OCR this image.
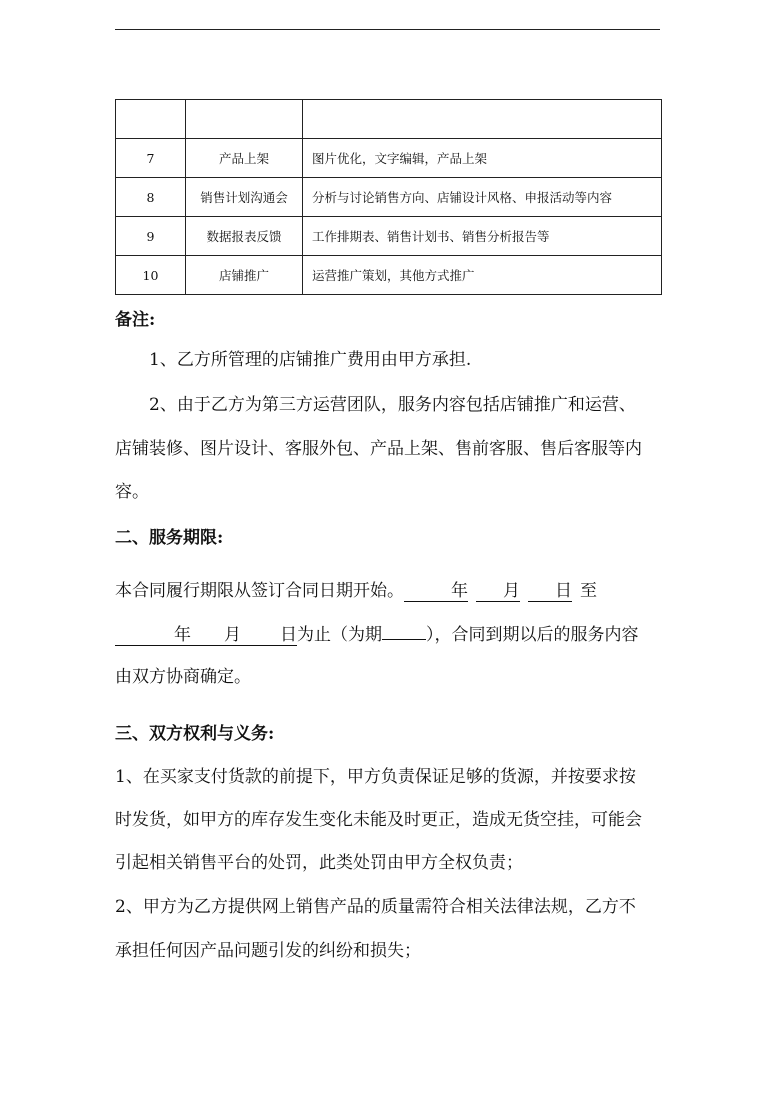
7	产品上架	图片优化，文字编辑，产品上架
8	销售计划沟通会	分析与讨论销售方向、店铺设计风格、申报活动等内容
9	数据报表反馈	工作排期表、销售计划书、销售分析报告等
10	店铺推广	运营推广策划，其他方式推广
备注:
1、乙方所管理的店铺推广费用由甲方承担.
2、由于乙方为第三方运营团队，服务内容包括店铺推广和运营、
店铺装修、图片设计、客服外包、产品上架、售前客服、售后客服等内
容。
二、服务期限:
本合同履行期限从签订合同日期开始。	年 月 日 至
年 月 日为止（为期	），合同到期以后的服务内容
由双方协商确定。
三、双方权利与义务:
1、在买家支付货款的前提下，甲方负责保证足够的货源，并按要求按
时发货，如甲方的库存发生变化未能及时更正，造成无货空挂，可能会
引起相关销售平台的处罚，此类处罚由甲方全权负责；
2、甲方为乙方提供网上销售产品的质量需符合相关法律法规，乙方不
承担任何因产品问题引发的纠纷和损失；
